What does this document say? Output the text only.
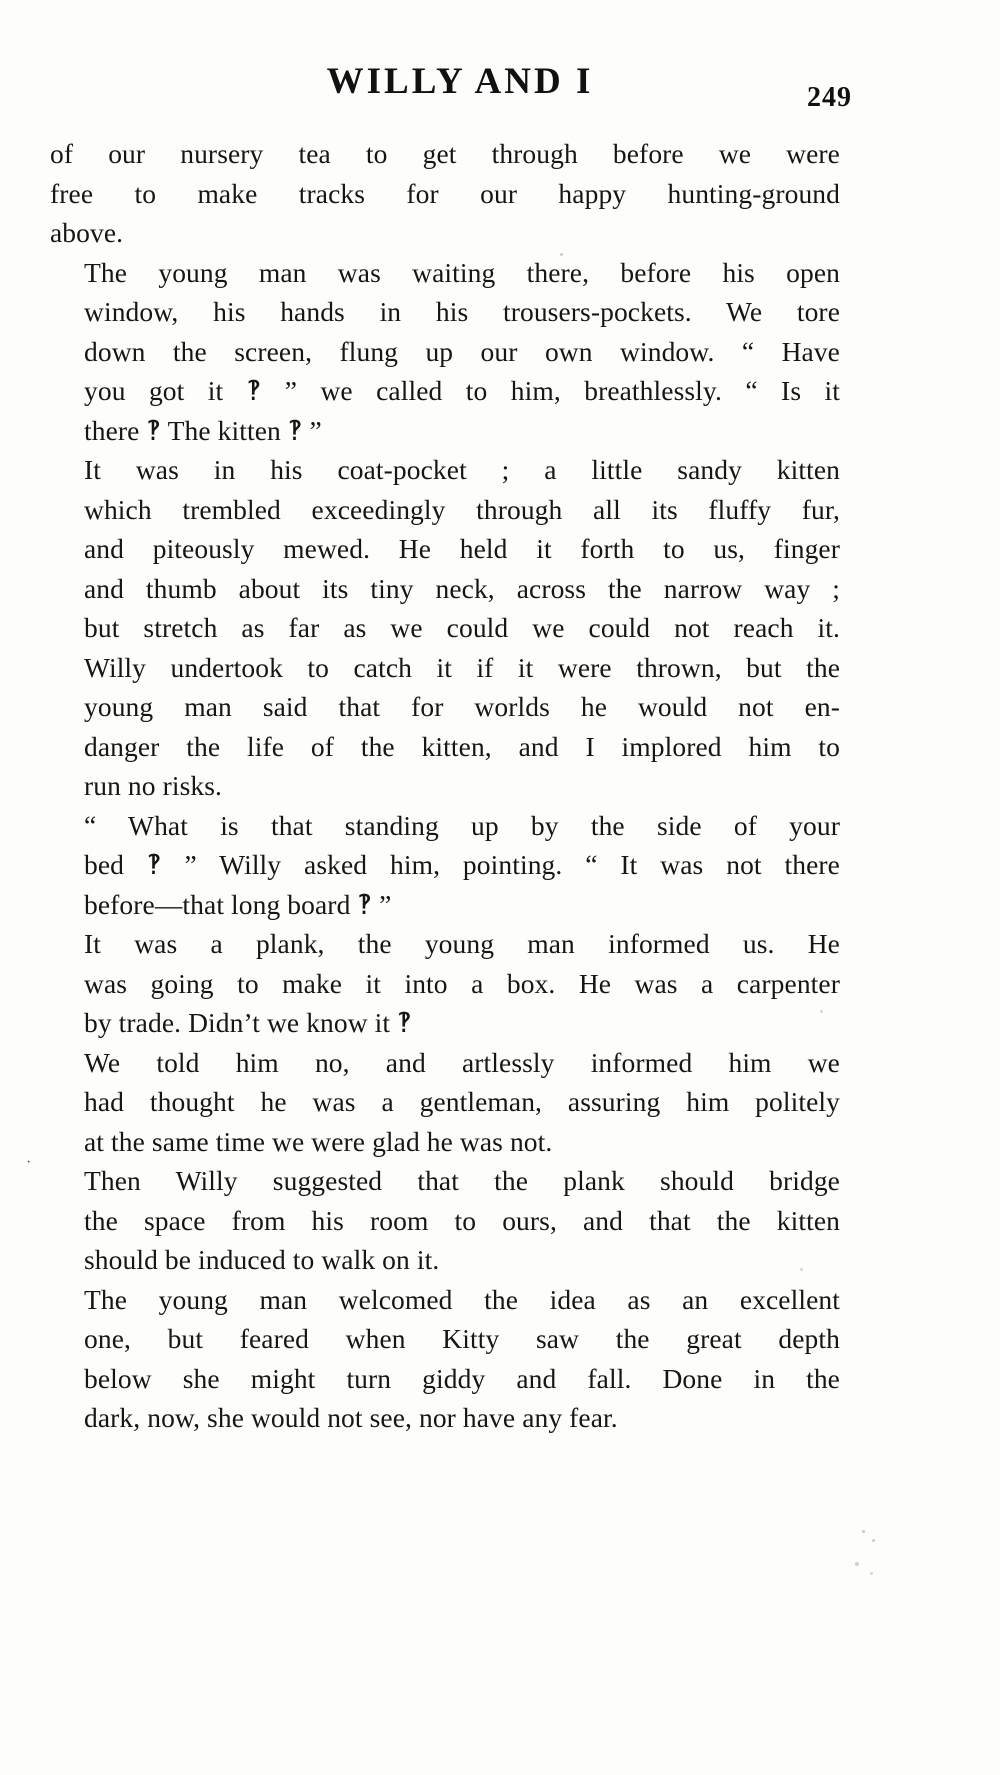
WILLY AND I	249

of our nursery tea to get through before we were
free to make tracks for our happy hunting-ground
above.

The young man was waiting there, before his open
window, his hands in his trousers-pockets. We tore
down the screen, flung up our own window. “ Have
you got it ‽ ” we called to him, breathlessly. “ Is it
there ‽ The kitten ‽ ”

It was in his coat-pocket ; a little sandy kitten
which trembled exceedingly through all its fluffy fur,
and piteously mewed. He held it forth to us, finger
and thumb about its tiny neck, across the narrow way ;
but stretch as far as we could we could not reach it.
Willy undertook to catch it if it were thrown, but the
young man said that for worlds he would not en-
danger the life of the kitten, and I implored him to
run no risks.

“ What is that standing up by the side of your
bed ‽ ” Willy asked him, pointing. “ It was not there
before—that long board ‽ ”

It was a plank, the young man informed us. He
was going to make it into a box. He was a carpenter
by trade. Didn’t we know it ‽

We told him no, and artlessly informed him we
had thought he was a gentleman, assuring him politely
at the same time we were glad he was not.

Then Willy suggested that the plank should bridge
the space from his room to ours, and that the kitten
should be induced to walk on it.

The young man welcomed the idea as an excellent
one, but feared when Kitty saw the great depth
below she might turn giddy and fall. Done in the
dark, now, she would not see, nor have any fear.

·
